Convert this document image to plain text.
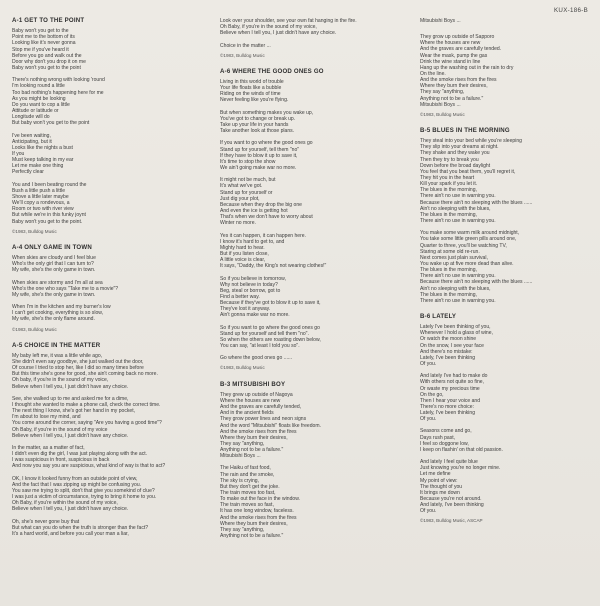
KUX-186-B
A-1 GET TO THE POINT
Baby won't you get to the
Point me to the bottom of its
Looking like it's never gonna
Stop me if you've heard it
Before you go and walk out the
Door why don't you drop it on me
Baby won't you get to the point
There's nothing wrong with looking 'round
I'm looking round a little
Too bad nothing's happening here for me
As you might be looking
Do you want to cop a little
Attitude or latitude or
Longitude will do
But baby won't you get to the point
I've been waiting,
Anticipating, but it
Looks like the nights a bust
If you
Must keep talking in my ear
Let me make one thing
Perfectly clear
You and I been beating round the
Bush a little push a little
Shove a little later maybe
We'll copy a rondevous, a
Room or two with river view
But while we're in this funky joynt
Baby won't you get to the point.
©1983, Bulldog Music
A-4 ONLY GAME IN TOWN
When skies are cloudy and I feel blue
Who's the only girl that I can turn to?
My wife, she's the only game in town.
When skies are stormy and I'm all at sea
Who's the one who says "Take me to a movie"?
My wife, she's the only game in town.
When I'm in the kitchen and my burner's low
I can't get cooking, everything is so slow,
My wife, she's the only flame around.
©1983, Bulldog Music
A-5 CHOICE IN THE MATTER
My baby left me, it was a little while ago,
She didn't even say goodbye, she just walked out the door,
Of course I tried to stop her, like I did so many times before
But this time she's gone for good, she ain't coming back no more.
Oh baby, if you're in the sound of my voice,
Believe when I tell you, I just didn't have any choice.
See, she walked up to me and asked me for a dime,
I thought she wanted to make a phone call, check the correct time.
The next thing I know, she's got her hand in my pocket,
I'm about to lose my mind, and
You come around the corner, saying "Are you having a good time"?
Oh Baby, if you're in the sound of my voice
Believe when I tell you, I just didn't have any choice.
In the matter, as a matter of fact,
I didn't even dig the girl, I was just playing along with the act.
I was suspicious in front, suspicious in back
And now you say you are suspicious, what kind of way is that to act?
OK, I know it looked funny from an outside point of view,
And the fact that I was zipping up might be confusing you.
You saw me trying to split, don't that give you somekind of clue?
I was just a victim of circumstance, trying to bring it home to you.
Oh Baby, if you're within the sound of my voice,
Believe when I tell you, I just didn't have any choice.
Oh, she's never gone buy that
But what can you do when the truth is stronger than the fact?
It's a hard world, and before you call your man a liar,
Look over your shoulder, see your own fat hanging in the fire.
Oh Baby, if you're in the sound of my voice,
Believe when I tell you, I just didn't have any choice.
Choice in the matter ...
©1983, Bulldog Music
A-6 WHERE THE GOOD ONES GO
Living in this world of trouble
Your life floats like a bubble
Riding on the winds of time
Never feeling like you're flying.
But when something makes you wake up,
You've got to change or break up.
Take up your life in your hands
Take another look at those plans.
If you want to go where the good ones go
Stand up for yourself, tell them "no"
If they have to blow it up to save it,
It's time to stop the show
We ain't going make war no more.
It might not be much, but
It's what we've got.
Stand up for yourself or
Just dig your plot,
Because when they drop the big one
And even the ice is getting hot
That's when we don't have to worry about
Winter no more.
Yes it can happen, it can happen here.
I know it's hard to get to, and
Mighty hard to hear.
But if you listen close,
A little voice is clear,
It says, "Daddy, the King's not wearing clothes!"
So if you believe in tomorrow,
Why not believe in today?
Beg, steal or borrow, got to
Find a better way.
Because if they've got to blow it up to save it,
They've lost it anyway.
Ain't gonna make war no more.
So if you want to go where the good ones go
Stand up for yourself and tell them "no".
So when the others are roasting down below,
You can say, "at least I told you so".
Go where the good ones go ......
©1983, Bulldog Music
B-3 MITSUBISHI BOY
They grew up outside of Nagoya
Where the houses are new
And the graves are carefully tended,
And in the ancient fields
They grow power lines and neon signs
And the word "Mitsubishi" floats like freedom.
And the smoke rises from the fires
Where they burn their desires,
They say "anything,
Anything not to be a failure."
Mitsubishi Boys ...
The Haiku of fast food,
The rain and the smoke,
The sky is crying,
But they don't get the joke.
The train moves too fast,
To make out the face in the window.
The train moves so fast,
It has one long window, faceless.
And the smoke rises from the fires
Where they burn their desires,
They say "anything,
Anything not to be a failure."
Mitsubishi Boys ...
They grow up outside of Sapporo
Where the houses are new
And the graves are carefully tended.
Wear the mask, pump the gas
Drink the wine stand in line
Hang up the washing out in the rain to dry
On the line.
And the smoke rises from the fires
Where they burn their desires,
They say "anything,
Anything not to be a failure."
Mitsubishi Boys ...
©1983, Bulldog Music
B-5 BLUES IN THE MORNING
They steal into your bed while you're sleeping
They slip into your dreams at night.
They shake and they wake you
Then they try to break you
Down before the broad daylight
You feel that you beat them, you'll regret it,
They hit you in the heart
Kill your spark if you let it.
The blues in the morning,
There ain't no use in warning you.
Because there ain't no sleeping with the blues ......
Ain't no sleeping with the blues,
The blues in the morning,
There ain't no use in warning you.
You make some warm milk around midnight,
You take some little green pills around one,
Quarter to three, you'll be watching TV,
Staring at some old re-run.
Next comes just plain survival,
You wake up at five more dead than alive.
The blues in the morning,
There ain't no use in warning you.
Because there ain't no sleeping with the blues ......
Ain't no sleeping with the blues,
The blues in the morning,
There ain't no use in warning you.
B-6 LATELY
Lately I've been thinking of you,
Whenever I hold a glass of wine,
Or watch the moon shine
On the snow, I see your face
And there's no mistake:
Lately, I've been thinking
Of you.
And lately I've had to make do
With others not quite so fine,
Or waste my precious time
On the go,
Then I hear your voice and
There's no more choice:
Lately, I've been thinking
Of you.
Seasons come and go,
Days rush past,
I feel so doggone low,
I keep on flashin' on that old passion.
And lately I feel quite blue
Just knowing you're no longer mine.
Let me define
My point of view:
The thought of you
It brings me down
Because you're not around.
And lately, I've been thinking
Of you.
©1983, Bulldog Music, ASCAP
